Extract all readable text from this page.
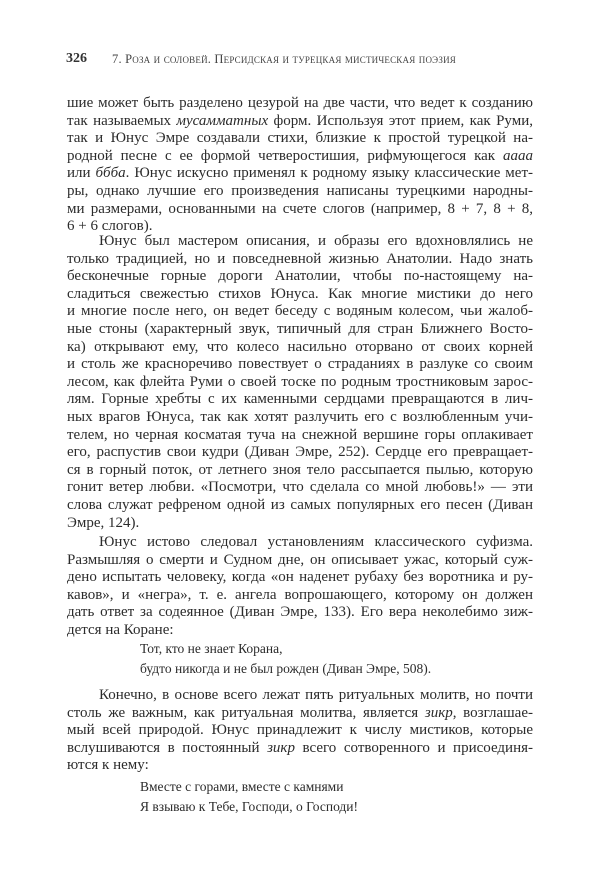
326 7. Роза и соловей. Персидская и турецкая мистическая поэзия
шие может быть разделено цезурой на две части, что ведет к созданию
так называемых мусамматных форм. Используя этот прием, как Руми,
так и Юнус Эмре создавали стихи, близкие к простой турецкой на-
родной песне с ее формой четверостишия, рифмующегося как аааа
или ббба. Юнус искусно применял к родному языку классические мет-
ры, однако лучшие его произведения написаны турецкими народны-
ми размерами, основанными на счете слогов (например, 8 + 7, 8 + 8,
6 + 6 слогов).
Юнус был мастером описания, и образы его вдохновлялись не
только традицией, но и повседневной жизнью Анатолии. Надо знать
бесконечные горные дороги Анатолии, чтобы по-настоящему на-
сладиться свежестью стихов Юнуса. Как многие мистики до него
и многие после него, он ведет беседу с водяным колесом, чьи жалоб-
ные стоны (характерный звук, типичный для стран Ближнего Восто-
ка) открывают ему, что колесо насильно оторвано от своих корней
и столь же красноречиво повествует о страданиях в разлуке со своим
лесом, как флейта Руми о своей тоске по родным тростниковым зарос-
лям. Горные хребты с их каменными сердцами превращаются в лич-
ных врагов Юнуса, так как хотят разлучить его с возлюбленным учи-
телем, но черная косматая туча на снежной вершине горы оплакивает
его, распустив свои кудри (Диван Эмре, 252). Сердце его превращает-
ся в горный поток, от летнего зноя тело рассыпается пылью, которую
гонит ветер любви. «Посмотри, что сделала со мной любовь!» — эти
слова служат рефреном одной из самых популярных его песен (Диван
Эмре, 124).
Юнус истово следовал установлениям классического суфизма.
Размышляя о смерти и Судном дне, он описывает ужас, который суж-
дено испытать человеку, когда «он наденет рубаху без воротника и ру-
кавов», и «негра», т. е. ангела вопрошающего, которому он должен
дать ответ за содеянное (Диван Эмре, 133). Его вера неколебимо зиж-
дется на Коране:
Конечно, в основе всего лежат пять ритуальных молитв, но почти
столь же важным, как ритуальная молитва, является зикр, возглашае-
мый всей природой. Юнус принадлежит к числу мистиков, которые
вслушиваются в постоянный зикр всего сотворенного и присоединя-
ются к нему:
Тот, кто не знает Корана,
будто никогда и не был рожден (Диван Эмре, 508).
Вместе с горами, вместе с камнями
Я взываю к Тебе, Господи, о Господи!
